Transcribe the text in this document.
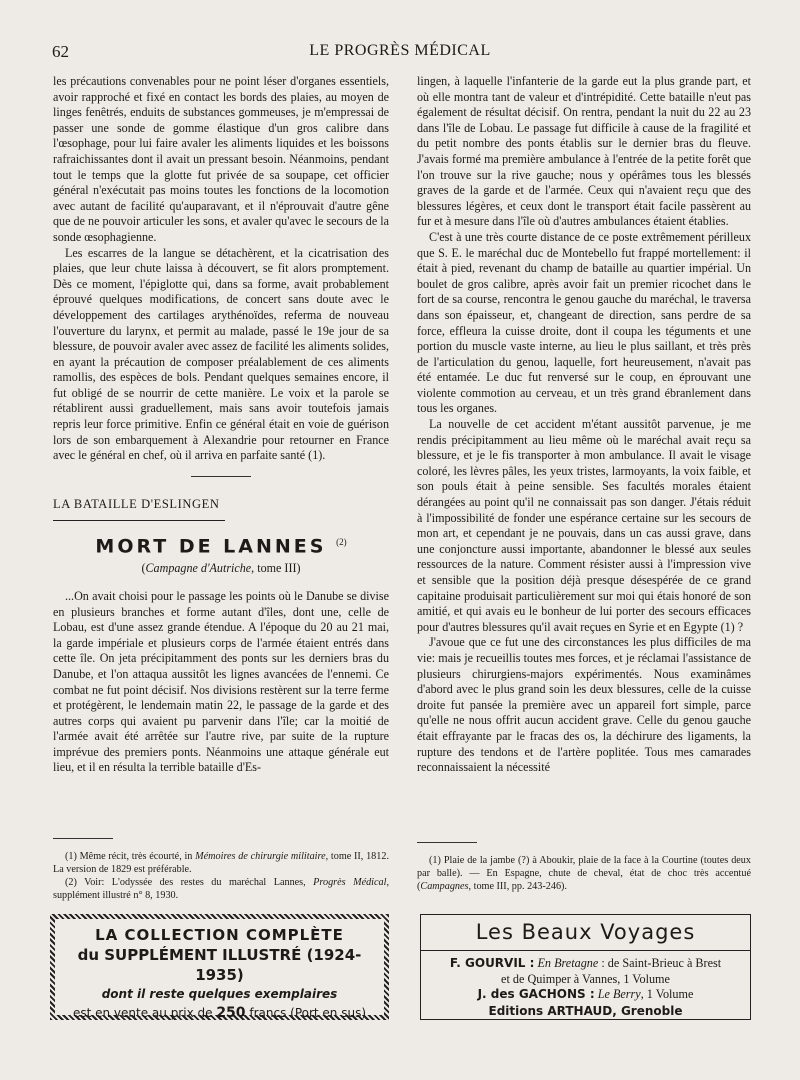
62	LE PROGRÈS MÉDICAL

les précautions convenables pour ne point léser d'organes essentiels, avoir rapproché et fixé en contact les bords des plaies, au moyen de linges fenêtrés, enduits de substances gommeuses, je m'empressai de passer une sonde de gomme élastique d'un gros calibre dans l'œsophage, pour lui faire avaler les aliments liquides et les boissons rafraichissantes dont il avait un pressant besoin. Néanmoins, pendant tout le temps que la glotte fut privée de sa soupape, cet officier général n'exécutait pas moins toutes les fonctions de la locomotion avec autant de facilité qu'auparavant, et il n'éprouvait d'autre gêne que de ne pouvoir articuler les sons, et avaler qu'avec le secours de la sonde œsophagienne.

Les escarres de la langue se détachèrent, et la cicatrisation des plaies, que leur chute laissa à découvert, se fit alors promptement. Dès ce moment, l'épiglotte qui, dans sa forme, avait probablement éprouvé quelques modifications, de concert sans doute avec le développement des cartilages arythénoïdes, referma de nouveau l'ouverture du larynx, et permit au malade, passé le 19e jour de sa blessure, de pouvoir avaler avec assez de facilité les aliments solides, en ayant la précaution de composer préalablement de ces aliments ramollis, des espèces de bols. Pendant quelques semaines encore, il fut obligé de se nourrir de cette manière. Le voix et la parole se rétablirent aussi graduellement, mais sans avoir toutefois jamais repris leur force primitive. Enfin ce général était en voie de guérison lors de son embarquement à Alexandrie pour retourner en France avec le général en chef, où il arriva en parfaite santé (1).

LA BATAILLE D'ESLINGEN
MORT DE LANNES $^{(2)}$
(Campagne d'Autriche, tome III)

...On avait choisi pour le passage les points où le Danube se divise en plusieurs branches et forme autant d'îles, dont une, celle de Lobau, est d'une assez grande étendue. A l'époque du 20 au 21 mai, la garde impériale et plusieurs corps de l'armée étaient entrés dans cette île. On jeta précipitamment des ponts sur les derniers bras du Danube, et l'on attaqua aussitôt les lignes avancées de l'ennemi. Ce combat ne fut point décisif. Nos divisions restèrent sur la terre ferme et protégèrent, le lendemain matin 22, le passage de la garde et des autres corps qui avaient pu parvenir dans l'île; car la moitié de l'armée avait été arrêtée sur l'autre rive, par suite de la rupture imprévue des premiers ponts. Néanmoins une attaque générale eut lieu, et il en résulta la terrible bataille d'Es-

lingen, à laquelle l'infanterie de la garde eut la plus grande part, et où elle montra tant de valeur et d'intrépidité. Cette bataille n'eut pas également de résultat décisif. On rentra, pendant la nuit du 22 au 23 dans l'île de Lobau. Le passage fut difficile à cause de la fragilité et du petit nombre des ponts établis sur le dernier bras du fleuve. J'avais formé ma première ambulance à l'entrée de la petite forêt que l'on trouve sur la rive gauche; nous y opérâmes tous les blessés graves de la garde et de l'armée. Ceux qui n'avaient reçu que des blessures légères, et ceux dont le transport était facile passèrent au fur et à mesure dans l'île où d'autres ambulances étaient établies.

C'est à une très courte distance de ce poste extrêmement périlleux que S. E. le maréchal duc de Montebello fut frappé mortellement: il était à pied, revenant du champ de bataille au quartier impérial. Un boulet de gros calibre, après avoir fait un premier ricochet dans le fort de sa course, rencontra le genou gauche du maréchal, le traversa dans son épaisseur, et, changeant de direction, sans perdre de sa force, effleura la cuisse droite, dont il coupa les téguments et une portion du muscle vaste interne, au lieu le plus saillant, et très près de l'articulation du genou, laquelle, fort heureusement, n'avait pas été entamée. Le duc fut renversé sur le coup, en éprouvant une violente commotion au cerveau, et un très grand ébranlement dans tous les organes.

La nouvelle de cet accident m'étant aussitôt parvenue, je me rendis précipitamment au lieu même où le maréchal avait reçu sa blessure, et je le fis transporter à mon ambulance. Il avait le visage coloré, les lèvres pâles, les yeux tristes, larmoyants, la voix faible, et son pouls était à peine sensible. Ses facultés morales étaient dérangées au point qu'il ne connaissait pas son danger. J'étais réduit à l'impossibilité de fonder une espérance certaine sur les secours de mon art, et cependant je ne pouvais, dans un cas aussi grave, dans une conjoncture aussi importante, abandonner le blessé aux seules ressources de la nature. Comment résister aussi à l'impression vive et sensible que la position déjà presque désespérée de ce grand capitaine produisait particulièrement sur moi qui étais honoré de son amitié, et qui avais eu le bonheur de lui porter des secours efficaces pour d'autres blessures qu'il avait reçues en Syrie et en Egypte (1) ?

J'avoue que ce fut une des circonstances les plus difficiles de ma vie: mais je recueillis toutes mes forces, et je réclamai l'assistance de plusieurs chirurgiens-majors expérimentés. Nous examinâmes d'abord avec le plus grand soin les deux blessures, celle de la cuisse droite fut pansée la première avec un appareil fort simple, parce qu'elle ne nous offrit aucun accident grave. Celle du genou gauche était effrayante par le fracas des os, la déchirure des ligaments, la rupture des tendons et de l'artère poplitée. Tous mes camarades reconnaissaient la nécessité

(1) Même récit, très écourté, in Mémoires de chirurgie militaire, tome II, 1812. La version de 1829 est préférable.

(2) Voir: L'odyssée des restes du maréchal Lannes, Progrès Médical, supplément illustré n° 8, 1930.

(1) Plaie de la jambe (?) à Aboukir, plaie de la face à la Courtine (toutes deux par balle). — En Espagne, chute de cheval, état de choc très accentué (Campagnes, tome III, pp. 243-246).

LA COLLECTION COMPLÈTE
du SUPPLÉMENT ILLUSTRÉ (1924-1935)
dont il reste quelques exemplaires
est en vente au prix de 250 francs (Port en sus)
Les Beaux Voyages
F. GOURVIL : En Bretagne : de Saint-Brieuc à Brest
et de Quimper à Vannes, 1 Volume
J. des GACHONS : Le Berry, 1 Volume
Editions ARTHAUD, Grenoble
